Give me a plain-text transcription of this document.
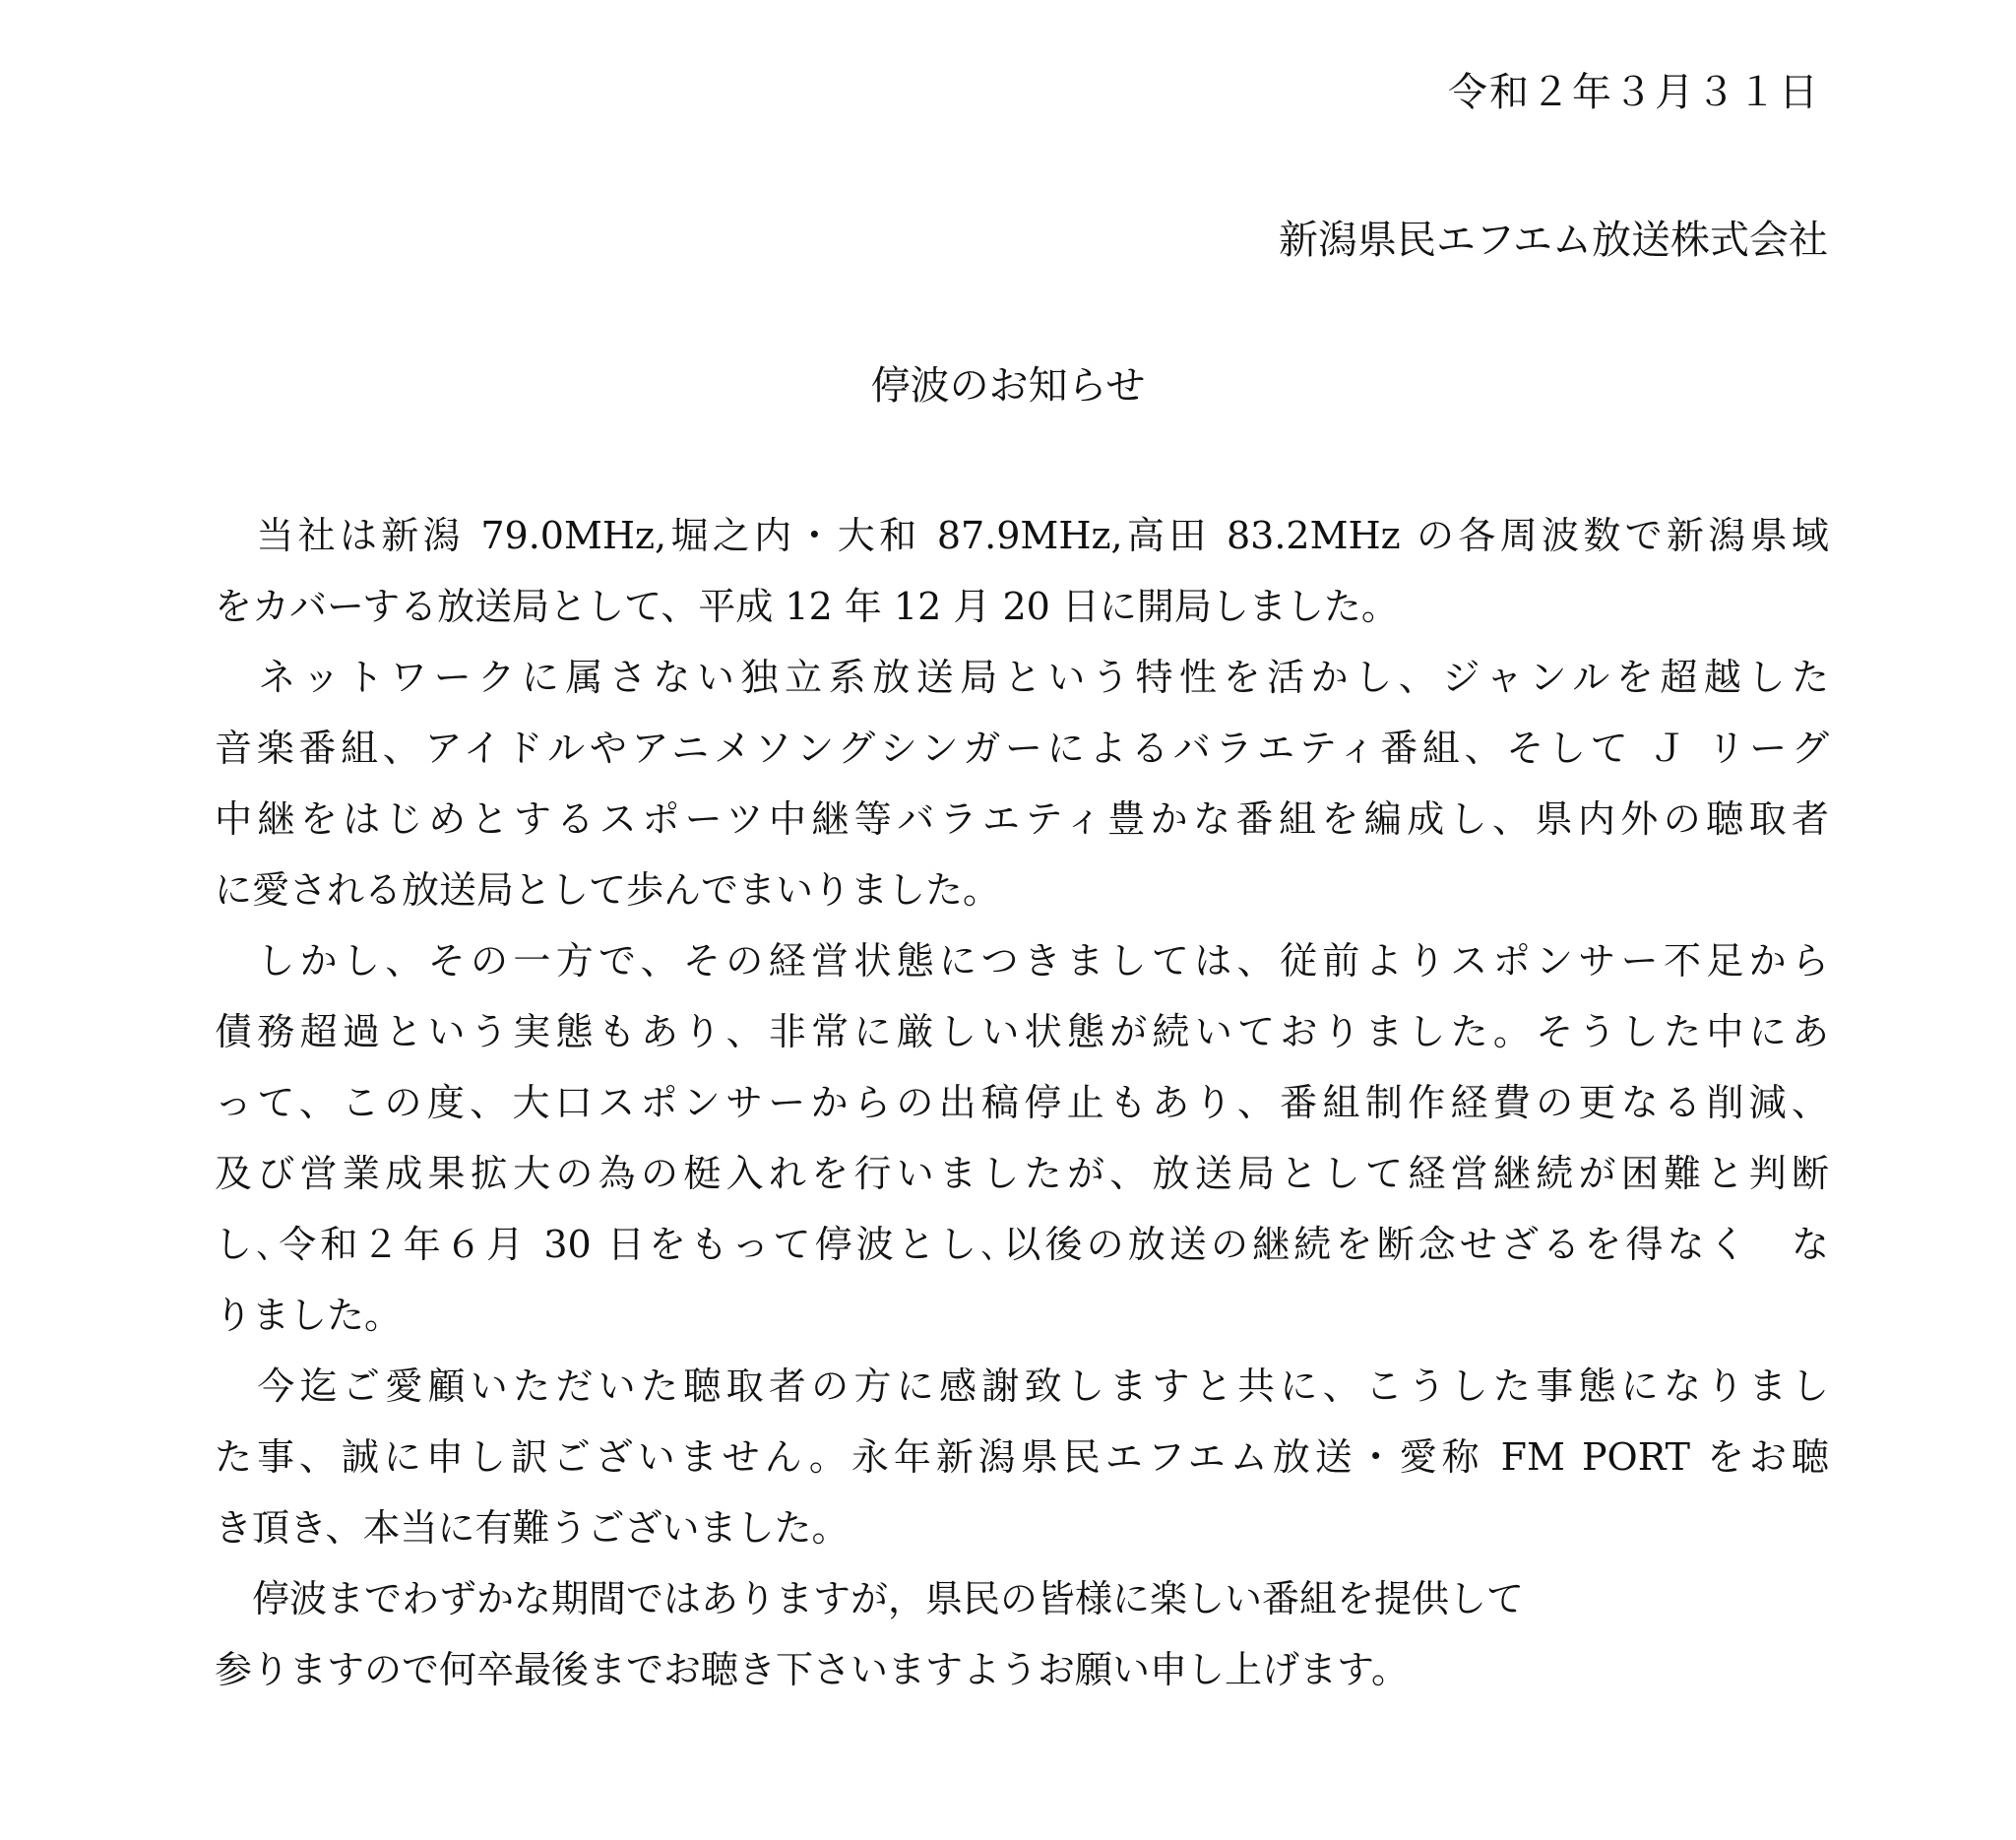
令和２年３月３１日
新潟県民エフエム放送株式会社
停波のお知らせ
　当社は新潟 79.0MHz,堀之内・大和 87.9MHz,高田 83.2MHz の各周波数で新潟県域
をカバーする放送局として、平成 12 年 12 月 20 日に開局しました。
　ネットワークに属さない独立系放送局という特性を活かし、ジャンルを超越した
音楽番組、アイドルやアニメソングシンガーによるバラエティ番組、そして Ｊ リーグ
中継をはじめとするスポーツ中継等バラエティ豊かな番組を編成し、県内外の聴取者
に愛される放送局として歩んでまいりました。
　しかし、その一方で、その経営状態につきましては、従前よりスポンサー不足から
債務超過という実態もあり、非常に厳しい状態が続いておりました。そうした中にあ
って、この度、大口スポンサーからの出稿停止もあり、番組制作経費の更なる削減、
及び営業成果拡大の為の梃入れを行いましたが、放送局として経営継続が困難と判断
し､令和２年６月 30 日をもって停波とし､以後の放送の継続を断念せざるを得なく　な
りました。
　今迄ご愛顧いただいた聴取者の方に感謝致しますと共に、こうした事態になりまし
た事、誠に申し訳ございません。永年新潟県民エフエム放送・愛称 FM PORT をお聴
き頂き、本当に有難うございました。
　停波までわずかな期間ではありますが，県民の皆様に楽しい番組を提供して
参りますので何卒最後までお聴き下さいますようお願い申し上げます。
